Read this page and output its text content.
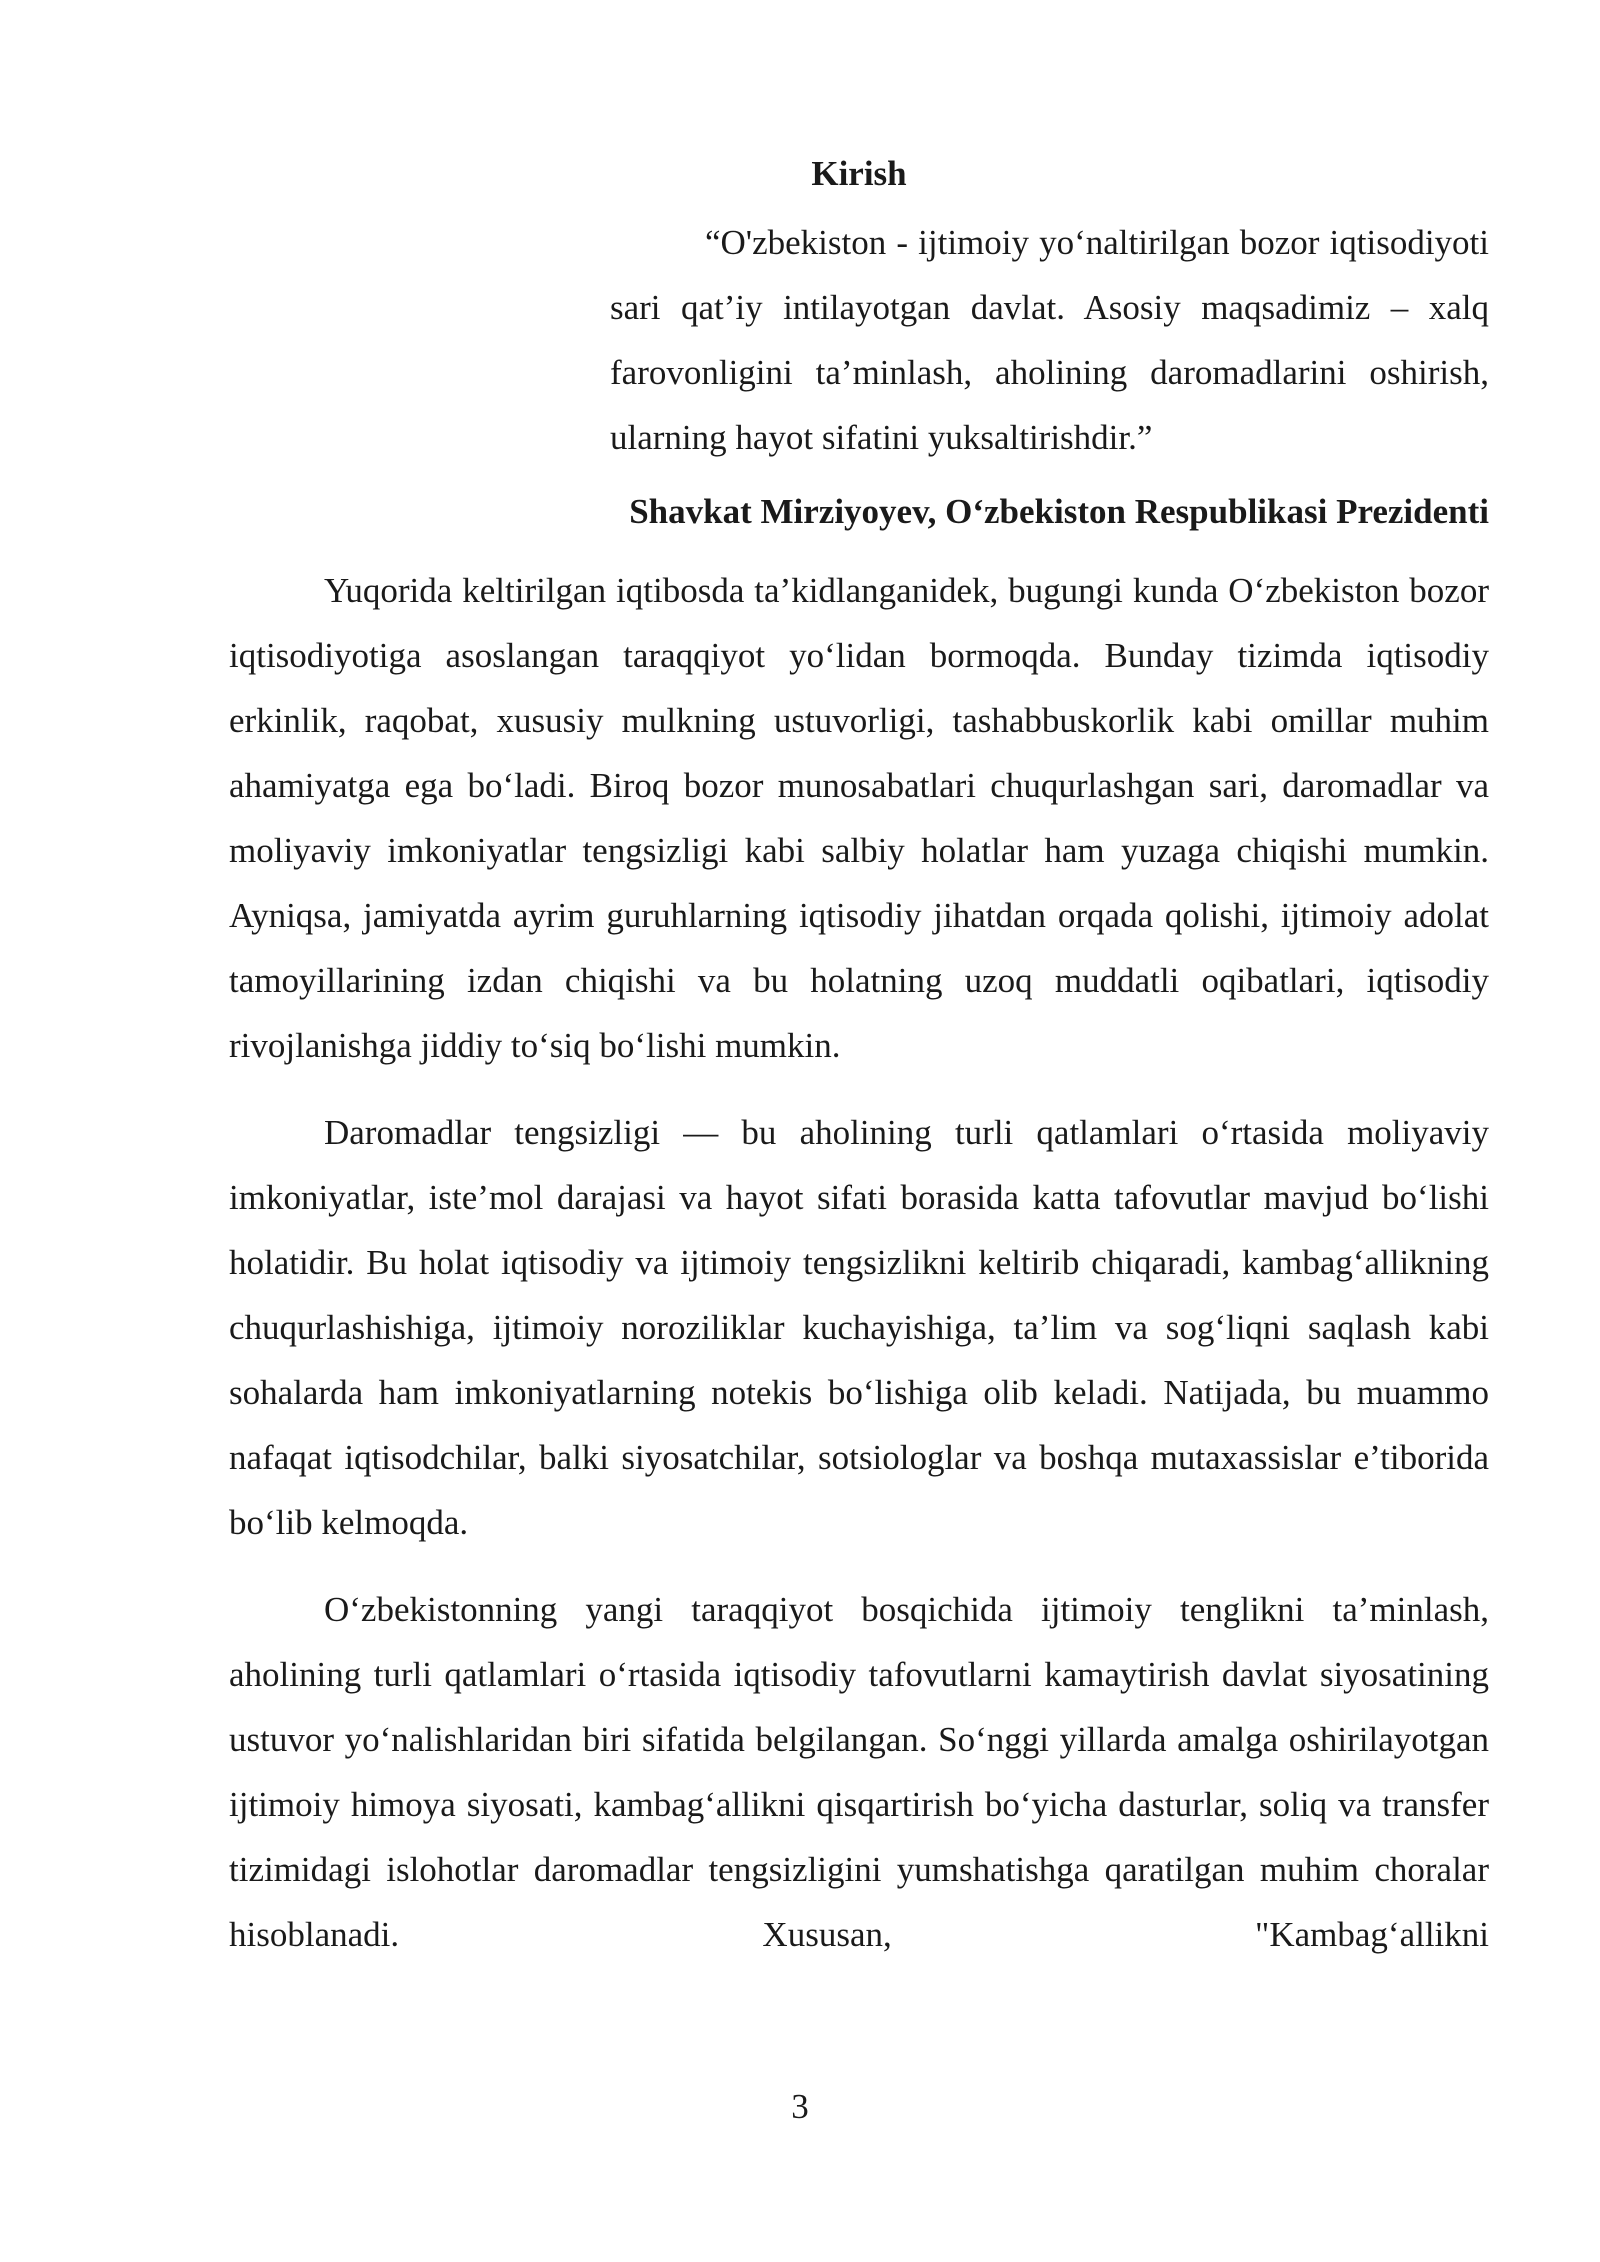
Kirish
“O'zbekiston - ijtimoiy yo‘naltirilgan bozor iqtisodiyoti sari qat’iy intilayotgan davlat. Asosiy maqsadimiz – xalq farovonligini ta’minlash, aholining daromadlarini oshirish, ularning hayot sifatini yuksaltirishdir.”
Shavkat Mirziyoyev, O‘zbekiston Respublikasi Prezidenti

Yuqorida keltirilgan iqtibosda ta’kidlanganidek, bugungi kunda O‘zbekiston bozor iqtisodiyotiga asoslangan taraqqiyot yo‘lidan bormoqda. Bunday tizimda iqtisodiy erkinlik, raqobat, xususiy mulkning ustuvorligi, tashabbuskorlik kabi omillar muhim ahamiyatga ega bo‘ladi. Biroq bozor munosabatlari chuqurlashgan sari, daromadlar va moliyaviy imkoniyatlar tengsizligi kabi salbiy holatlar ham yuzaga chiqishi mumkin. Ayniqsa, jamiyatda ayrim guruhlarning iqtisodiy jihatdan orqada qolishi, ijtimoiy adolat tamoyillarining izdan chiqishi va bu holatning uzoq muddatli oqibatlari, iqtisodiy rivojlanishga jiddiy to‘siq bo‘lishi mumkin.

Daromadlar tengsizligi — bu aholining turli qatlamlari o‘rtasida moliyaviy imkoniyatlar, iste’mol darajasi va hayot sifati borasida katta tafovutlar mavjud bo‘lishi holatidir. Bu holat iqtisodiy va ijtimoiy tengsizlikni keltirib chiqaradi, kambag‘allikning chuqurlashishiga, ijtimoiy noroziliklar kuchayishiga, ta’lim va sog‘liqni saqlash kabi sohalarda ham imkoniyatlarning notekis bo‘lishiga olib keladi. Natijada, bu muammo nafaqat iqtisodchilar, balki siyosatchilar, sotsiologlar va boshqa mutaxassislar e’tiborida bo‘lib kelmoqda.

O‘zbekistonning yangi taraqqiyot bosqichida ijtimoiy tenglikni ta’minlash, aholining turli qatlamlari o‘rtasida iqtisodiy tafovutlarni kamaytirish davlat siyosatining ustuvor yo‘nalishlaridan biri sifatida belgilangan. So‘nggi yillarda amalga oshirilayotgan ijtimoiy himoya siyosati, kambag‘allikni qisqartirish bo‘yicha dasturlar, soliq va transfer tizimidagi islohotlar daromadlar tengsizligini yumshatishga qaratilgan muhim choralar hisoblanadi. Xususan, "Kambag‘allikni

3
